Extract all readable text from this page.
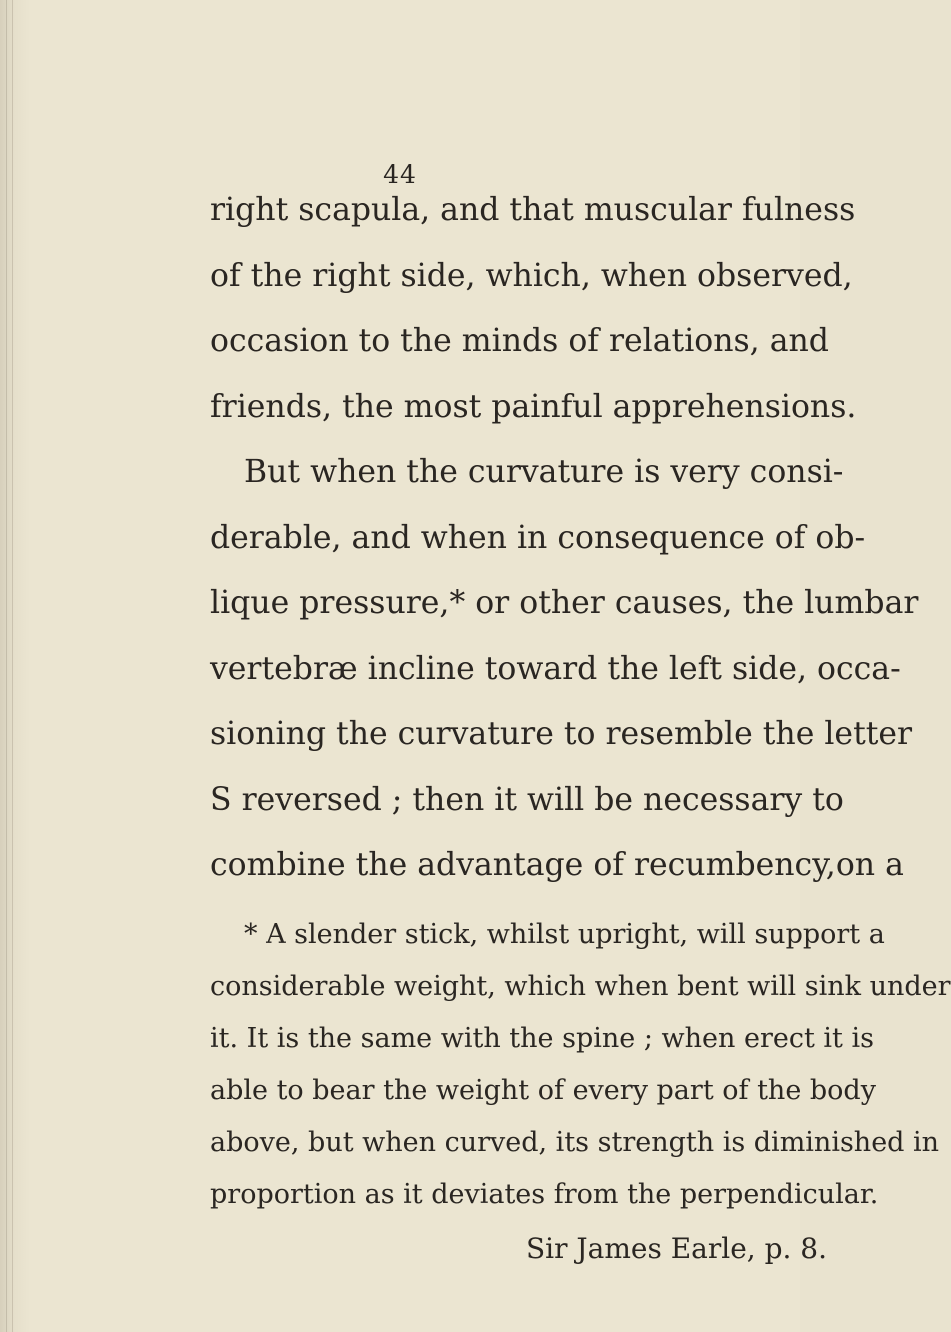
44
right scapula, and that muscular fulness
of the right side, which, when observed,
occasion to the minds of relations, and
friends, the most painful apprehensions.
But when the curvature is very consi-
derable, and when in consequence of ob-
lique pressure,* or other causes, the lumbar
vertebræ incline toward the left side, occa-
sioning the curvature to resemble the letter
S reversed ; then it will be necessary to
combine the advantage of recumbency,on a
* A slender stick, whilst upright, will support a
considerable weight, which when bent will sink under
it. It is the same with the spine ; when erect it is
able to bear the weight of every part of the body
above, but when curved, its strength is diminished in
proportion as it deviates from the perpendicular.
Sir James Earle, p. 8.
